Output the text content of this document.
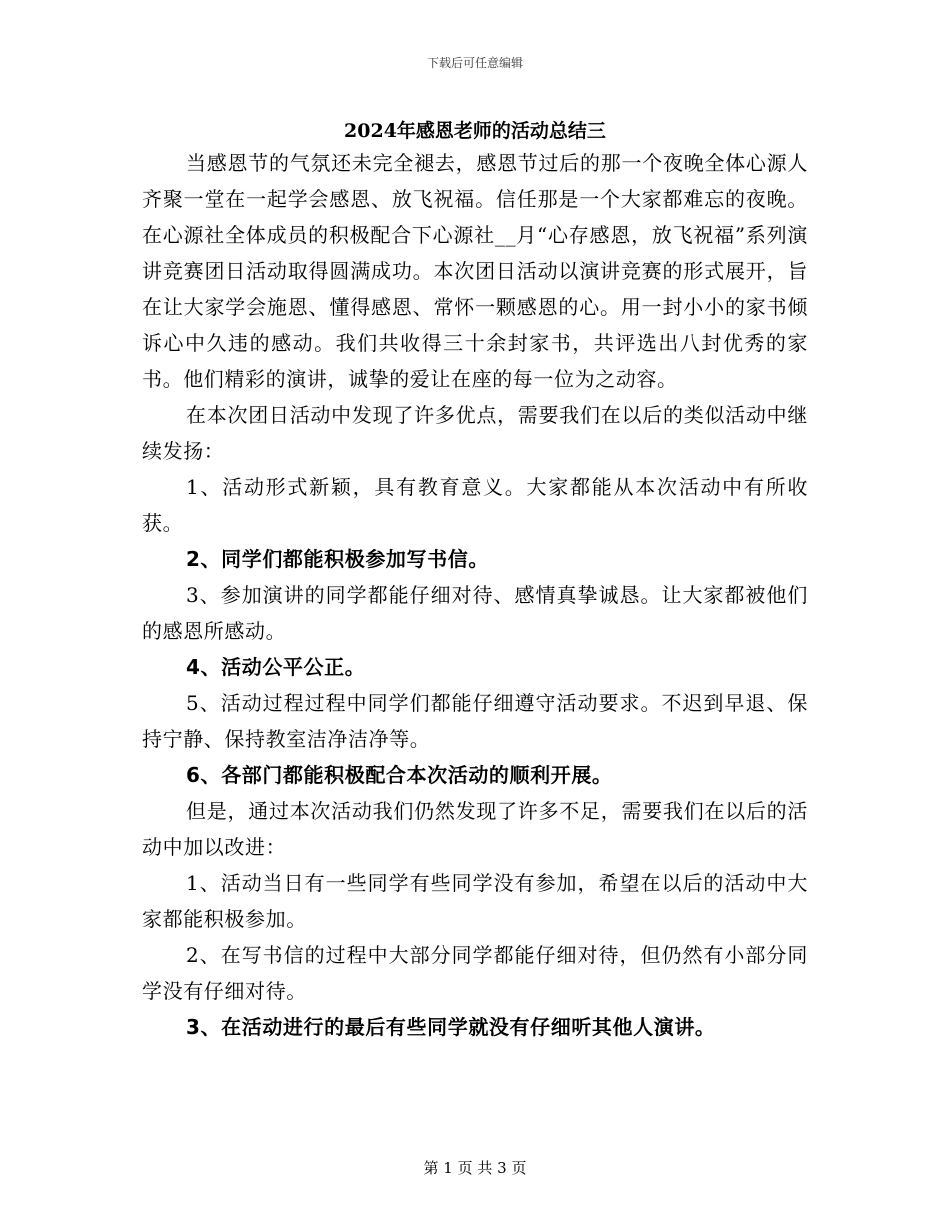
下载后可任意编辑
2024年感恩老师的活动总结三

当感恩节的气氛还未完全褪去，感恩节过后的那一个夜晚全体心源人齐聚一堂在一起学会感恩、放飞祝福。信任那是一个大家都难忘的夜晚。在心源社全体成员的积极配合下心源社__月“心存感恩，放飞祝福”系列演讲竞赛团日活动取得圆满成功。本次团日活动以演讲竞赛的形式展开，旨在让大家学会施恩、懂得感恩、常怀一颗感恩的心。用一封小小的家书倾诉心中久违的感动。我们共收得三十余封家书，共评选出八封优秀的家书。他们精彩的演讲，诚挚的爱让在座的每一位为之动容。

在本次团日活动中发现了许多优点，需要我们在以后的类似活动中继续发扬：

1、活动形式新颖，具有教育意义。大家都能从本次活动中有所收获。

2、同学们都能积极参加写书信。

3、参加演讲的同学都能仔细对待、感情真挚诚恳。让大家都被他们的感恩所感动。

4、活动公平公正。

5、活动过程过程中同学们都能仔细遵守活动要求。不迟到早退、保持宁静、保持教室洁净洁净等。

6、各部门都能积极配合本次活动的顺利开展。

但是，通过本次活动我们仍然发现了许多不足，需要我们在以后的活动中加以改进：

1、活动当日有一些同学有些同学没有参加，希望在以后的活动中大家都能积极参加。

2、在写书信的过程中大部分同学都能仔细对待，但仍然有小部分同学没有仔细对待。

3、在活动进行的最后有些同学就没有仔细听其他人演讲。

第 1 页 共 3 页
